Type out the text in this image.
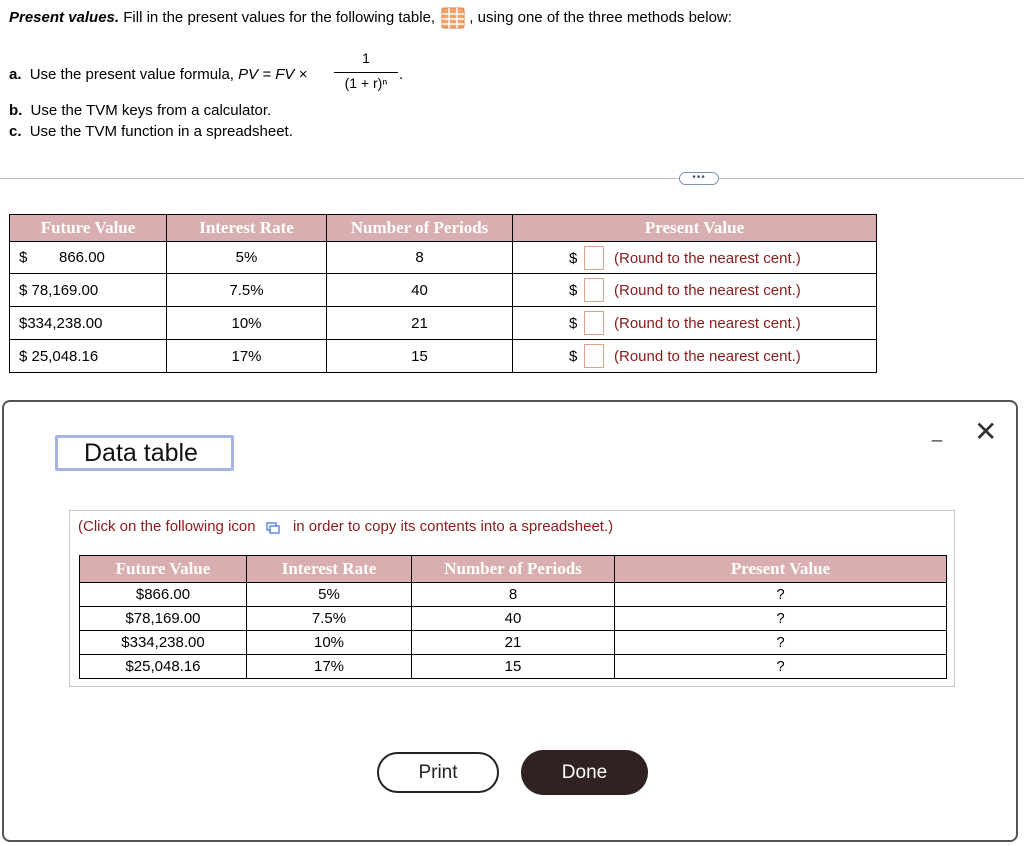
Present values. Fill in the present values for the following table, , using one of the three methods below:
a. Use the present value formula, PV = FV ×
1
(1 + r)ⁿ .
b. Use the TVM keys from a calculator.
c. Use the TVM function in a spreadsheet.
•••
Future Value	Interest Rate	Number of Periods	Present Value
$ 866.00	5%	8	$ (Round to the nearest cent.)

$ 78,169.00	7.5%	40	$ (Round to the nearest cent.)

$334,238.00	10%	21	$ (Round to the nearest cent.)

$ 25,048.16	17%	15	$ (Round to the nearest cent.)
Data table
_ ✕
(Click on the following icon in order to copy its contents into a spreadsheet.)
Future Value	Interest Rate	Number of Periods	Present Value
$866.00	5%	8	?
$78,169.00	7.5%	40	?
$334,238.00	10%	21	?
$25,048.16	17%	15	?
Print	Done
